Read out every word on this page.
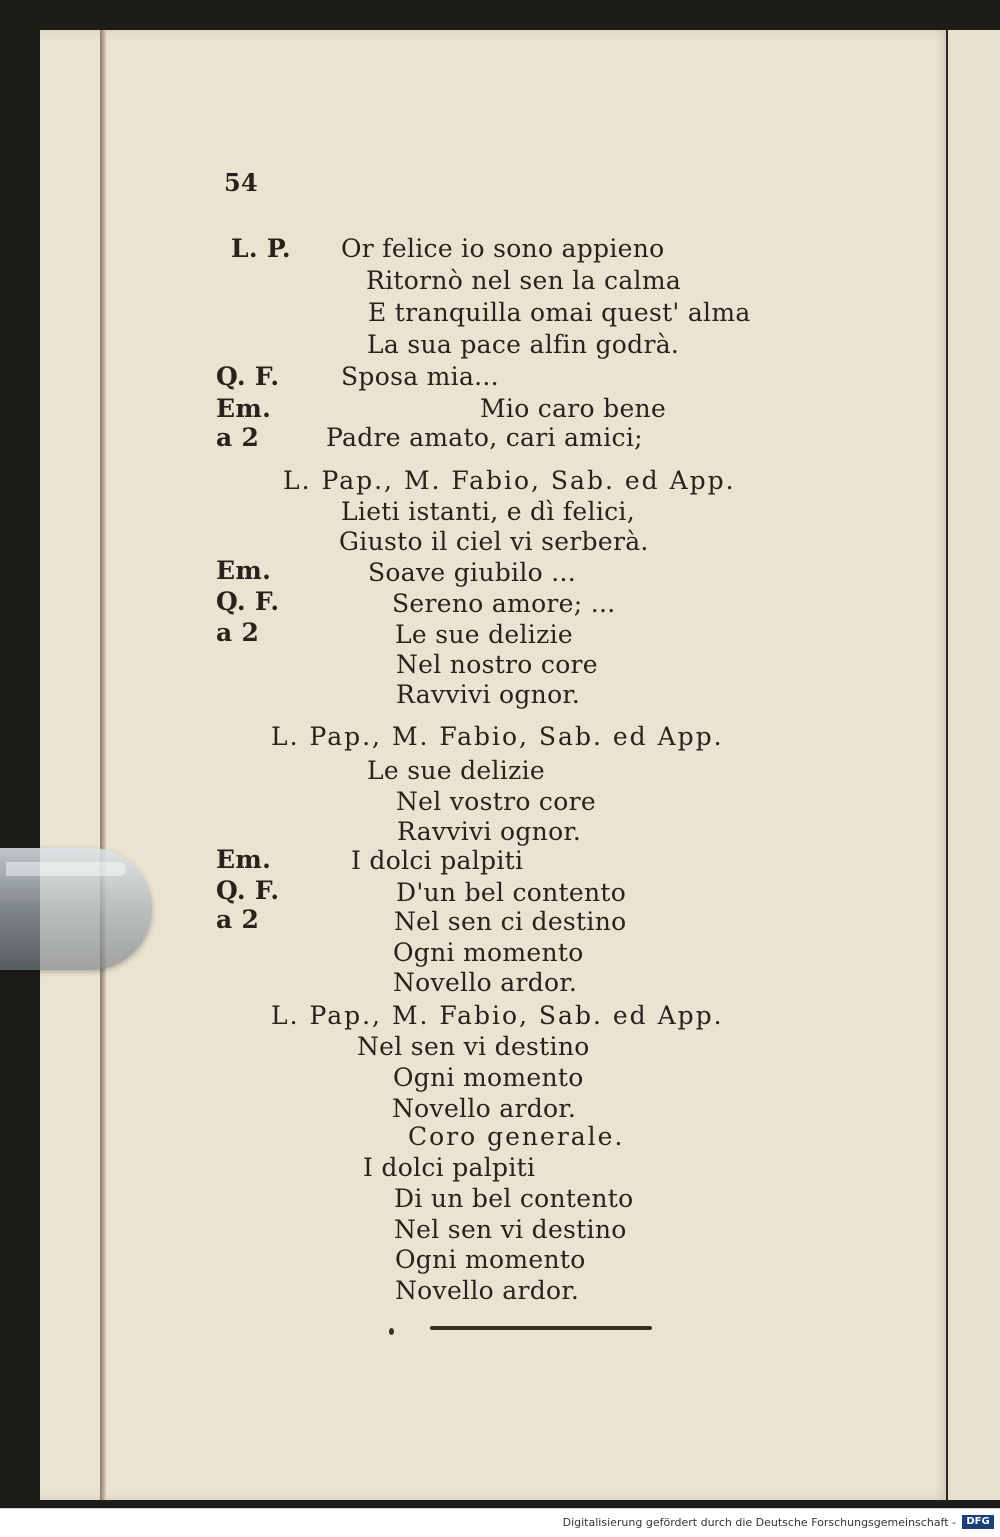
54
L. P. Or felice io sono appieno
Ritornò nel sen la calma
E tranquilla omai quest' alma
La sua pace alfin godrà.
Q. F. Sposa mia...
Em.	Mio caro bene
a 2	Padre amato, cari amici;
L. Pap., M. Fabio, Sab. ed App.
Lieti istanti, e dì felici,
Giusto il ciel vi serberà.
Em.	Soave giubilo ...
Q. F.	Sereno amore; ...
a 2	Le sue delizie
Nel nostro core
Ravvivi ognor.
L. Pap., M. Fabio, Sab. ed App.
Le sue delizie
Nel vostro core
Ravvivi ognor.
Em.	I dolci palpiti
Q. F.	D'un bel contento
a 2	Nel sen ci destino
Ogni momento
Novello ardor.
L. Pap., M. Fabio, Sab. ed App.
Nel sen vi destino
Ogni momento
Novello ardor.
Coro generale.
I dolci palpiti
Di un bel contento
Nel sen vi destino
Ogni momento
Novello ardor.
Digitalisierung gefördert durch die Deutsche Forschungsgemeinschaft -	DFG
